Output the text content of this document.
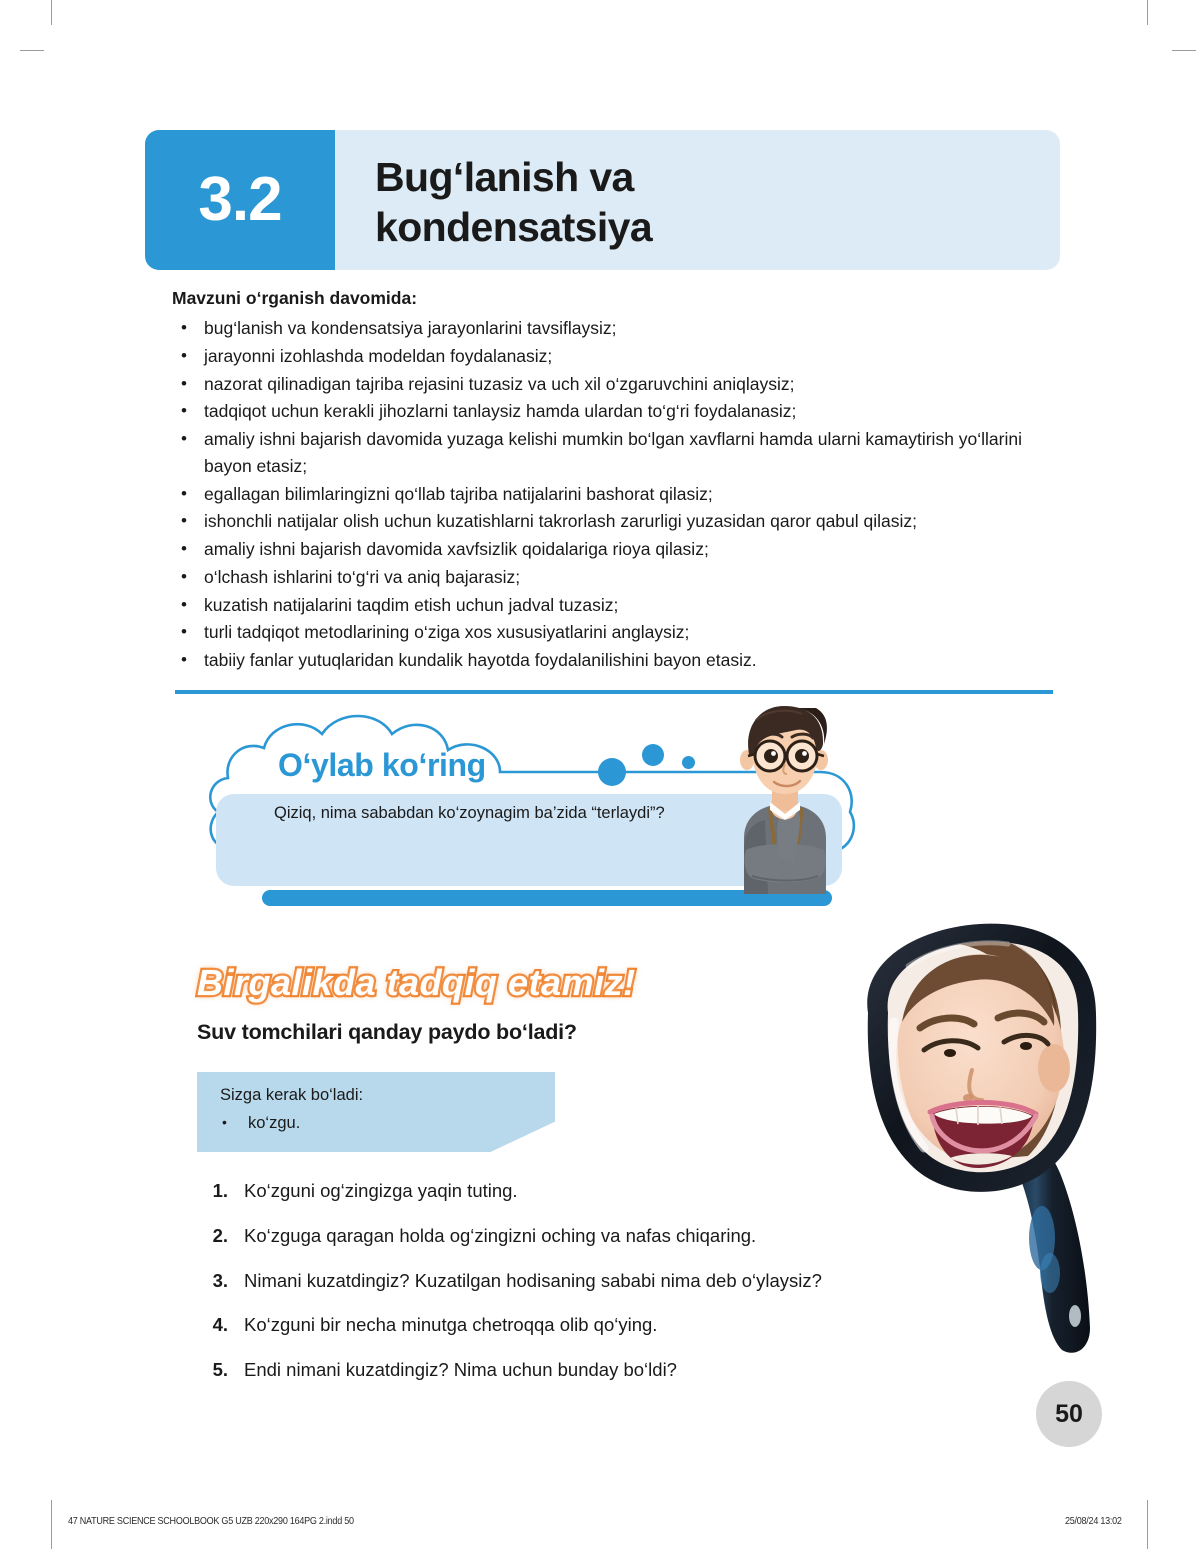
3.2 Bug‘lanish va
kondensatsiya
Mavzuni o‘rganish davomida:
• bug‘lanish va kondensatsiya jarayonlarini tavsiflaysiz;
• jarayonni izohlashda modeldan foydalanasiz;
• nazorat qilinadigan tajriba rejasini tuzasiz va uch xil o‘zgaruvchini aniqlaysiz;
• tadqiqot uchun kerakli jihozlarni tanlaysiz hamda ulardan to‘g‘ri foydalanasiz;
• amaliy ishni bajarish davomida yuzaga kelishi mumkin bo‘lgan xavflarni hamda ularni kamaytirish yo‘llarini bayon etasiz;
• egallagan bilimlaringizni qo‘llab tajriba natijalarini bashorat qilasiz;
• ishonchli natijalar olish uchun kuzatishlarni takrorlash zarurligi yuzasidan qaror qabul qilasiz;
• amaliy ishni bajarish davomida xavfsizlik qoidalariga rioya qilasiz;
• o‘lchash ishlarini to‘g‘ri va aniq bajarasiz;
• kuzatish natijalarini taqdim etish uchun jadval tuzasiz;
• turli tadqiqot metodlarining o‘ziga xos xususiyatlarini anglaysiz;
• tabiiy fanlar yutuqlaridan kundalik hayotda foydalanilishini bayon etasiz.
O‘ylab ko‘ring
Qiziq, nima sababdan ko‘zoynagim ba’zida “terlaydi”?
Birgalikda tadqiq etamiz!
Suv tomchilari qanday paydo bo‘ladi?
Sizga kerak bo‘ladi:
• ko‘zgu.
1. Ko‘zguni og‘zingizga yaqin tuting.
2. Ko‘zguga qaragan holda og‘zingizni oching va nafas chiqaring.
3. Nimani kuzatdingiz? Kuzatilgan hodisaning sababi nima deb o‘ylaysiz?
4. Ko‘zguni bir necha minutga chetroqqa olib qo‘ying.
5. Endi nimani kuzatdingiz? Nima uchun bunday bo‘ldi?
50
47 NATURE SCIENCE SCHOOLBOOK G5 UZB 220x290 164PG 2.indd 50	25/08/24 13:02
